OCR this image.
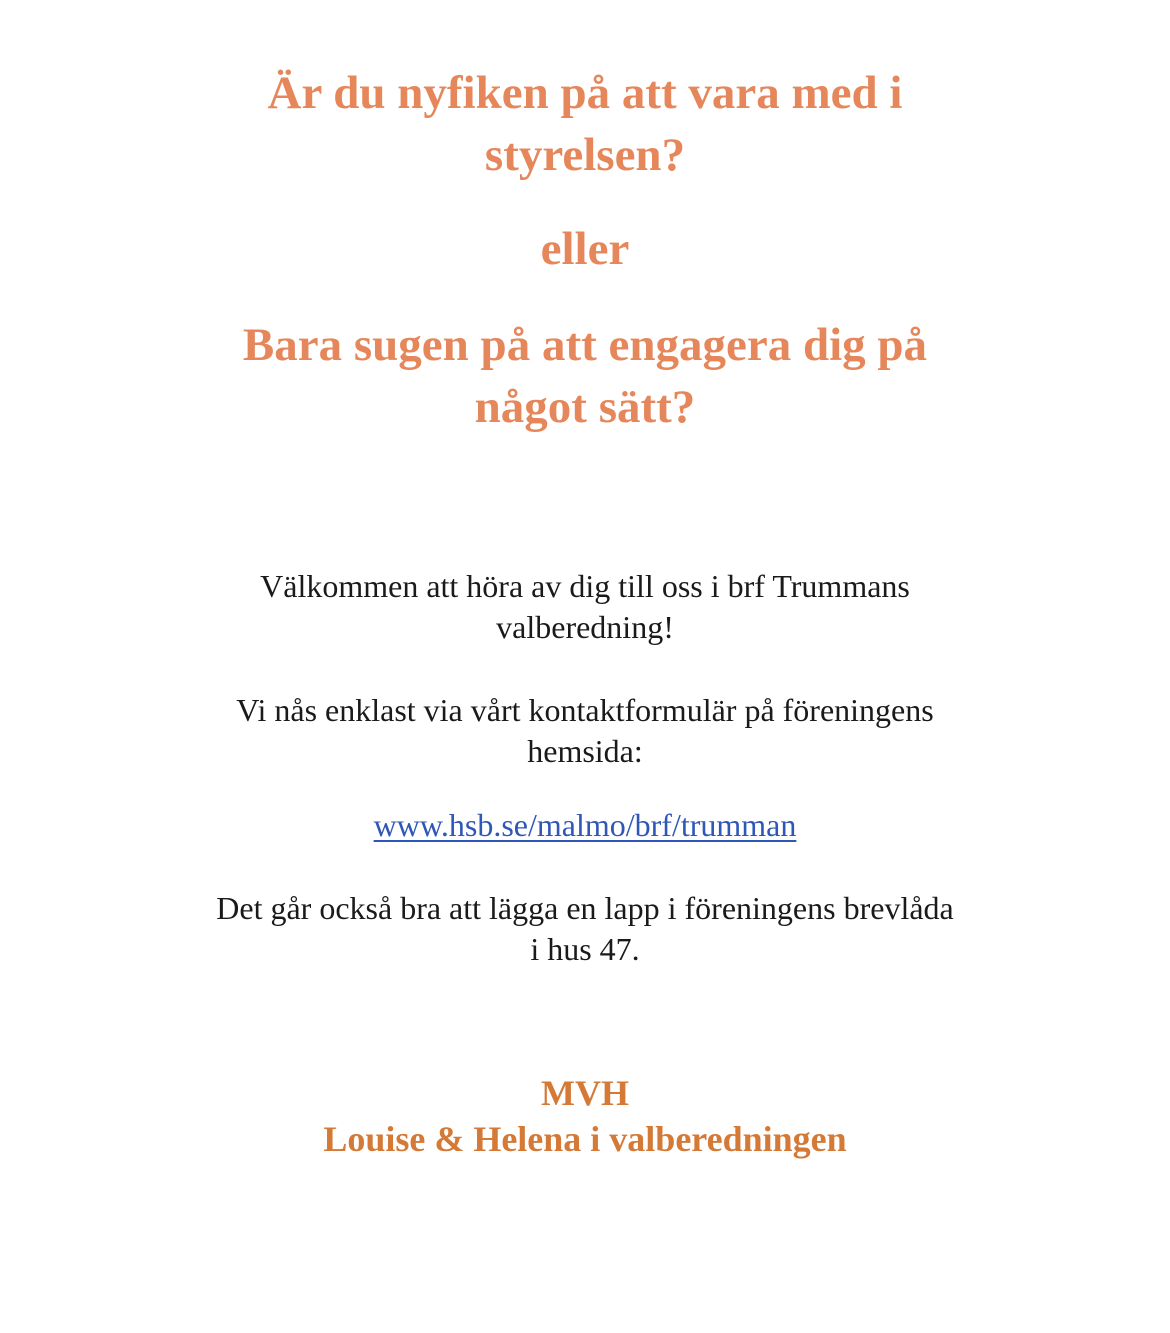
Är du nyfiken på att vara med i

styrelsen?

eller

Bara sugen på att engagera dig på

något sätt?

Välkommen att höra av dig till oss i brf Trummans

valberedning!

Vi nås enklast via vårt kontaktformulär på föreningens

hemsida:

www.hsb.se/malmo/brf/trumman

Det går också bra att lägga en lapp i föreningens brevlåda

i hus 47.

MVH

Louise & Helena i valberedningen
